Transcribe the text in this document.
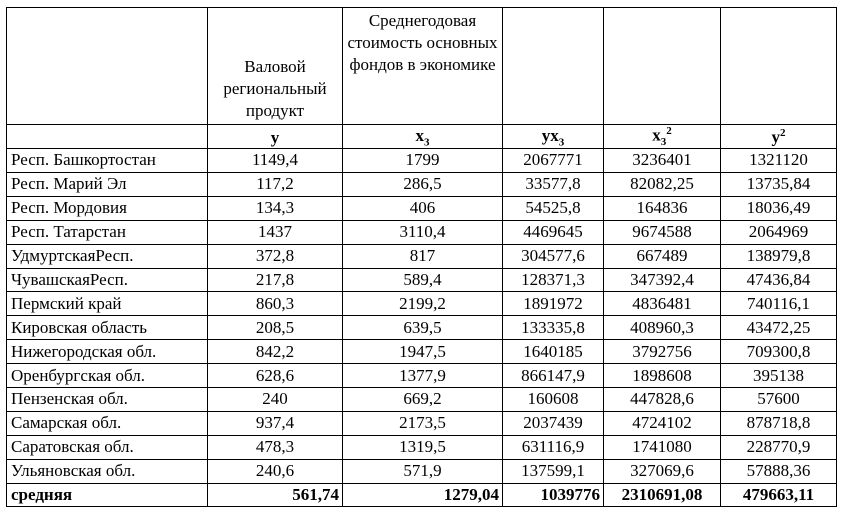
	Валовой региональный продукт	Среднегодовая стоимость основных фондов в экономике			
	y	$x_3$	$yx_3$	$x_3^2$	$y^2$
Респ. Башкортостан	1149,4	1799	2067771	3236401	1321120
Респ. Марий Эл	117,2	286,5	33577,8	82082,25	13735,84
Респ. Мордовия	134,3	406	54525,8	164836	18036,49
Респ. Татарстан	1437	3110,4	4469645	9674588	2064969
УдмуртскаяРесп.	372,8	817	304577,6	667489	138979,8
ЧувашскаяРесп.	217,8	589,4	128371,3	347392,4	47436,84
Пермский край	860,3	2199,2	1891972	4836481	740116,1
Кировская область	208,5	639,5	133335,8	408960,3	43472,25
Нижегородская обл.	842,2	1947,5	1640185	3792756	709300,8
Оренбургская обл.	628,6	1377,9	866147,9	1898608	395138
Пензенская обл.	240	669,2	160608	447828,6	57600
Самарская обл.	937,4	2173,5	2037439	4724102	878718,8
Саратовская обл.	478,3	1319,5	631116,9	1741080	228770,9
Ульяновская обл.	240,6	571,9	137599,1	327069,6	57888,36
средняя	561,74	1279,04	1039776	2310691,08	479663,11
